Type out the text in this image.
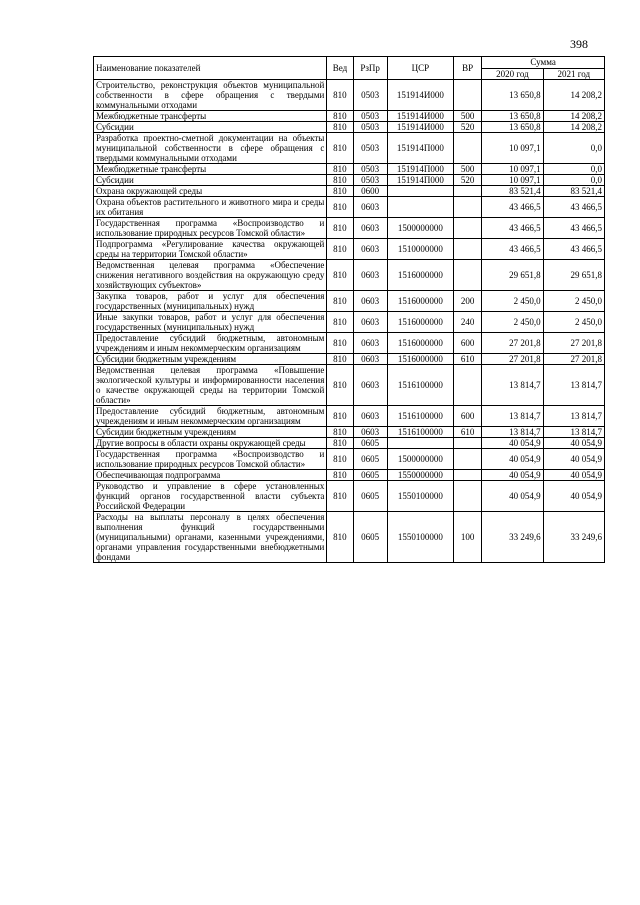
398
Наименование показателей	Вед	РзПр	ЦСР	ВР	Сумма	
					2020 год	2021 год
Строительство, реконструкция объектов муниципальной собственности в сфере обращения с твердыми коммунальными отходами	810	0503	151914И000		13 650,8	14 208,2
Межбюджетные трансферты	810	0503	151914И000	500	13 650,8	14 208,2
Субсидии	810	0503	151914И000	520	13 650,8	14 208,2
Разработка проектно-сметной документации на объекты муниципальной собственности в сфере обращения с твердыми коммунальными отходами	810	0503	151914П000		10 097,1	0,0
Межбюджетные трансферты	810	0503	151914П000	500	10 097,1	0,0
Субсидии	810	0503	151914П000	520	10 097,1	0,0
Охрана окружающей среды	810	0600			83 521,4	83 521,4
Охрана объектов растительного и животного мира и среды их обитания	810	0603			43 466,5	43 466,5
Государственная программа «Воспроизводство и использование природных ресурсов Томской области»	810	0603	1500000000		43 466,5	43 466,5
Подпрограмма «Регулирование качества окружающей среды на территории Томской области»	810	0603	1510000000		43 466,5	43 466,5
Ведомственная целевая программа «Обеспечение снижения негативного воздействия на окружающую среду хозяйствующих субъектов»	810	0603	1516000000		29 651,8	29 651,8
Закупка товаров, работ и услуг для обеспечения государственных (муниципальных) нужд	810	0603	1516000000	200	2 450,0	2 450,0
Иные закупки товаров, работ и услуг для обеспечения государственных (муниципальных) нужд	810	0603	1516000000	240	2 450,0	2 450,0
Предоставление субсидий бюджетным, автономным учреждениям и иным некоммерческим организациям	810	0603	1516000000	600	27 201,8	27 201,8
Субсидии бюджетным учреждениям	810	0603	1516000000	610	27 201,8	27 201,8
Ведомственная целевая программа «Повышение экологической культуры и информированности населения о качестве окружающей среды на территории Томской области»	810	0603	1516100000		13 814,7	13 814,7
Предоставление субсидий бюджетным, автономным учреждениям и иным некоммерческим организациям	810	0603	1516100000	600	13 814,7	13 814,7
Субсидии бюджетным учреждениям	810	0603	1516100000	610	13 814,7	13 814,7
Другие вопросы в области охраны окружающей среды	810	0605			40 054,9	40 054,9
Государственная программа «Воспроизводство и использование природных ресурсов Томской области»	810	0605	1500000000		40 054,9	40 054,9
Обеспечивающая подпрограмма	810	0605	1550000000		40 054,9	40 054,9
Руководство и управление в сфере установленных функций органов государственной власти субъекта Российской Федерации	810	0605	1550100000		40 054,9	40 054,9
Расходы на выплаты персоналу в целях обеспечения выполнения функций государственными (муниципальными) органами, казенными учреждениями, органами управления государственными внебюджетными фондами	810	0605	1550100000	100	33 249,6	33 249,6
